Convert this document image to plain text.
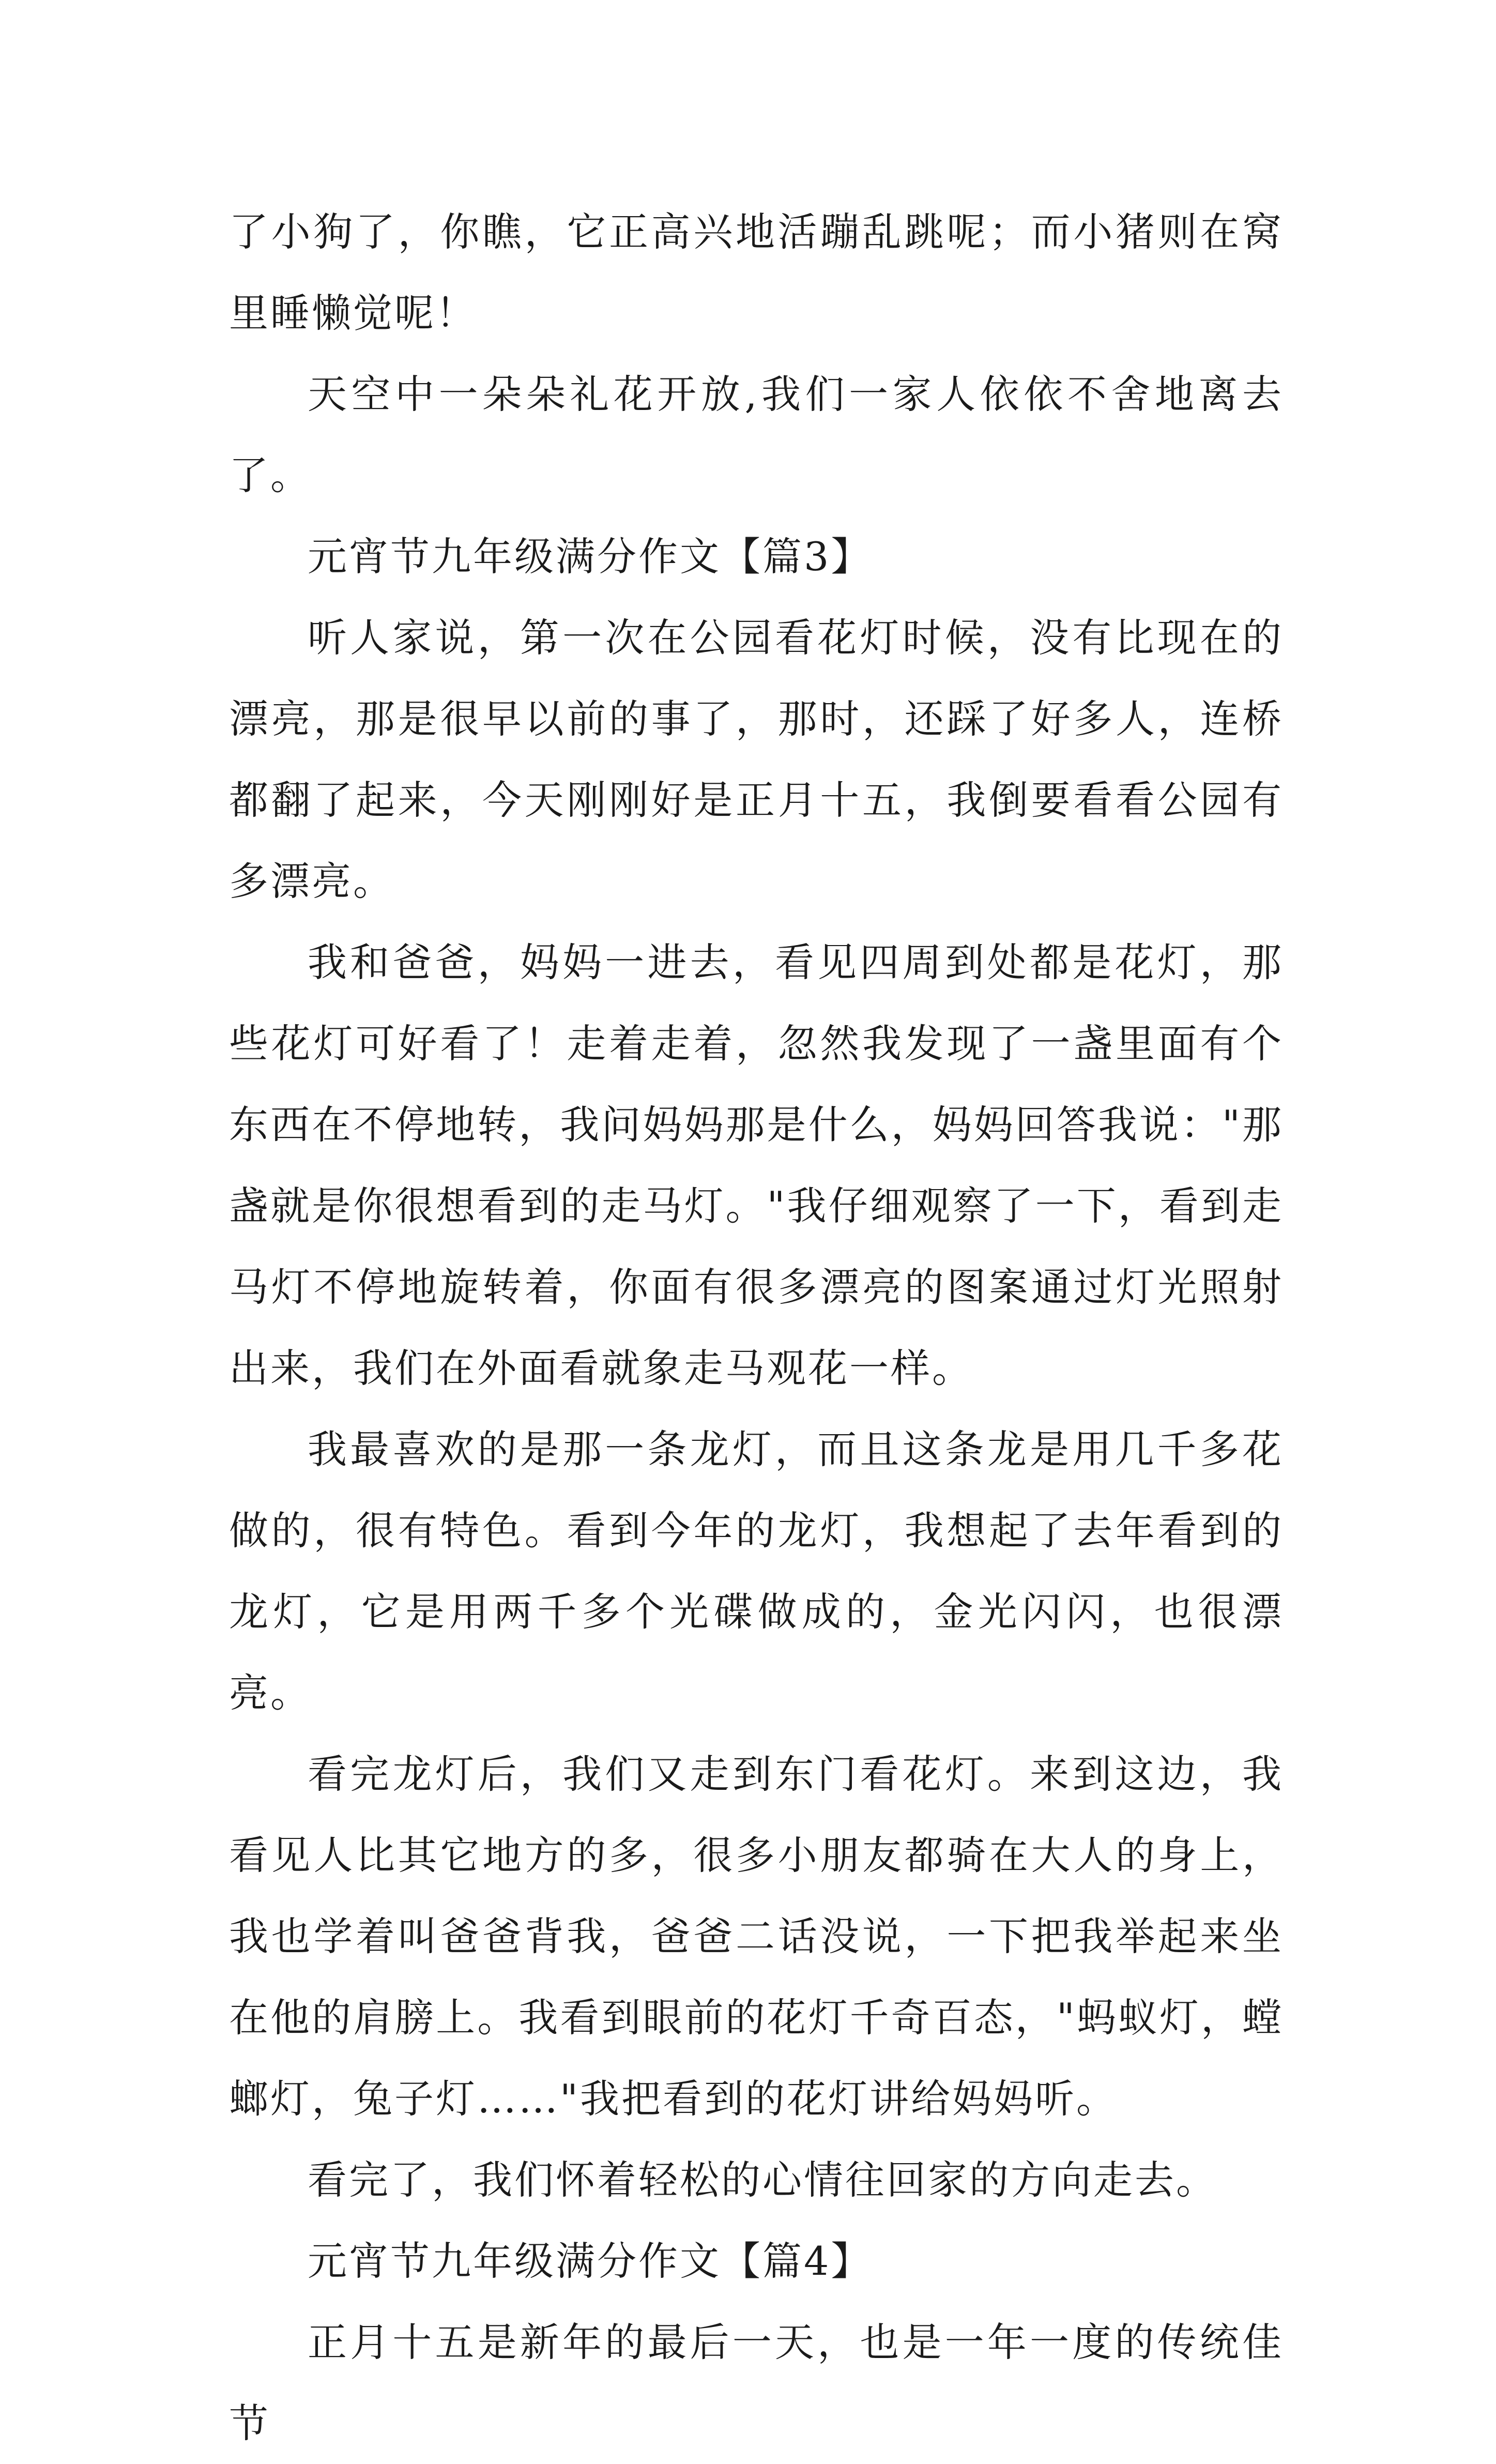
了小狗了，你瞧，它正高兴地活蹦乱跳呢；而小猪则在窝里睡懒觉呢！

天空中一朵朵礼花开放,我们一家人依依不舍地离去了。

元宵节九年级满分作文【篇3】

听人家说，第一次在公园看花灯时候，没有比现在的漂亮，那是很早以前的事了，那时，还踩了好多人，连桥都翻了起来，今天刚刚好是正月十五，我倒要看看公园有多漂亮。

我和爸爸，妈妈一进去，看见四周到处都是花灯，那些花灯可好看了！走着走着，忽然我发现了一盏里面有个东西在不停地转，我问妈妈那是什么，妈妈回答我说："那盏就是你很想看到的走马灯。"我仔细观察了一下，看到走马灯不停地旋转着，你面有很多漂亮的图案通过灯光照射出来，我们在外面看就象走马观花一样。

我最喜欢的是那一条龙灯，而且这条龙是用几千多花做的，很有特色。看到今年的龙灯，我想起了去年看到的龙灯，它是用两千多个光碟做成的，金光闪闪，也很漂亮。

看完龙灯后，我们又走到东门看花灯。来到这边，我看见人比其它地方的多，很多小朋友都骑在大人的身上，我也学着叫爸爸背我，爸爸二话没说，一下把我举起来坐在他的肩膀上。我看到眼前的花灯千奇百态，"蚂蚁灯，螳螂灯，兔子灯……"我把看到的花灯讲给妈妈听。

看完了，我们怀着轻松的心情往回家的方向走去。

元宵节九年级满分作文【篇4】

正月十五是新年的最后一天，也是一年一度的传统佳节
